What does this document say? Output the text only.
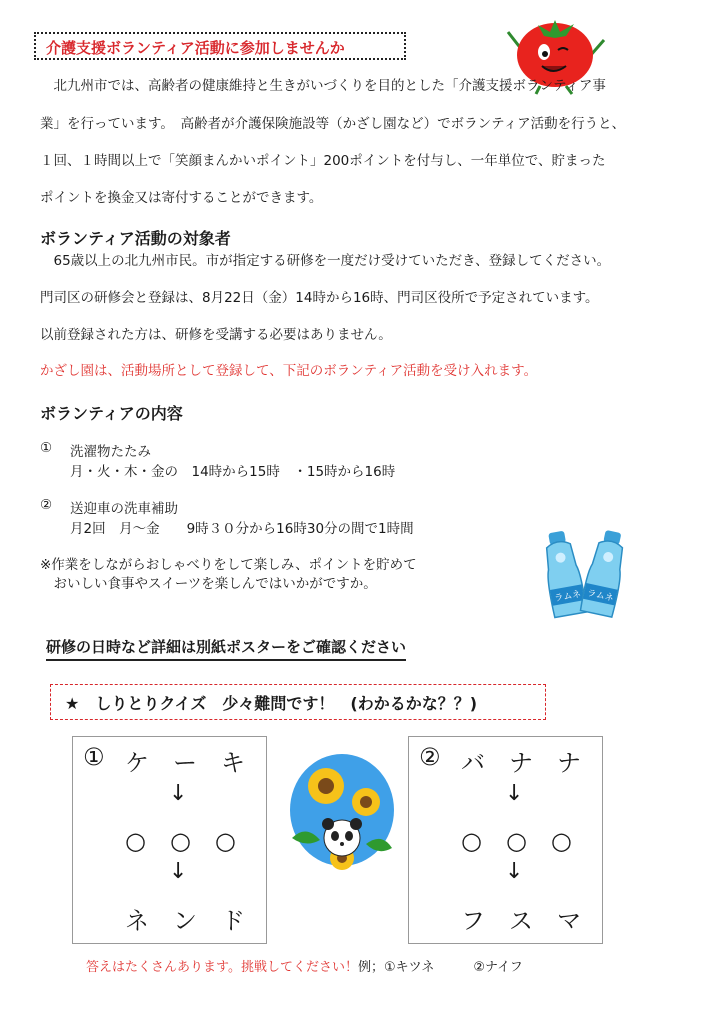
介護支援ボランティア活動に参加しませんか
　北九州市では、高齢者の健康維持と生きがいづくりを目的とした「介護支援ボランティア事
業」を行っています。　高齢者が介護保険施設等（かざし園など）でボランティア活動を行うと、
１回、１時間以上で「笑顔まんかいポイント」200ポイントを付与し、一年単位で、貯まった
ポイントを換金又は寄付することができます。
ボランティア活動の対象者
　65歳以上の北九州市民。市が指定する研修を一度だけ受けていただき、登録してください。
門司区の研修会と登録は、8月22日（金）14時から16時、門司区役所で予定されています。
以前登録された方は、研修を受講する必要はありません。
かざし園は、活動場所として登録して、下記のボランティア活動を受け入れます。
ボランティアの内容
① 洗濯物たたみ
月・火・木・金の　14時から15時　・15時から16時
② 送迎車の洗車補助
月2回　月～金　　9時３０分から16時30分の間で1時間
※作業をしながらおしゃべりをして楽しみ、ポイントを貯めて
　おいしい食事やスイーツを楽しんではいかがですか。
ラムネ ラムネ
研修の日時など詳細は別紙ポスターをご確認ください
★　しりとりクイズ　少々難問です！　(わかるかな？？)
① ケ　ー　キ
↓
○　○　○
↓
ネ　ン　ド
② バ　ナ　ナ
↓
○　○　○
↓
フ　ス　マ
答えはたくさんあります。挑戦してください！例；①キツネ　　　②ナイフ
